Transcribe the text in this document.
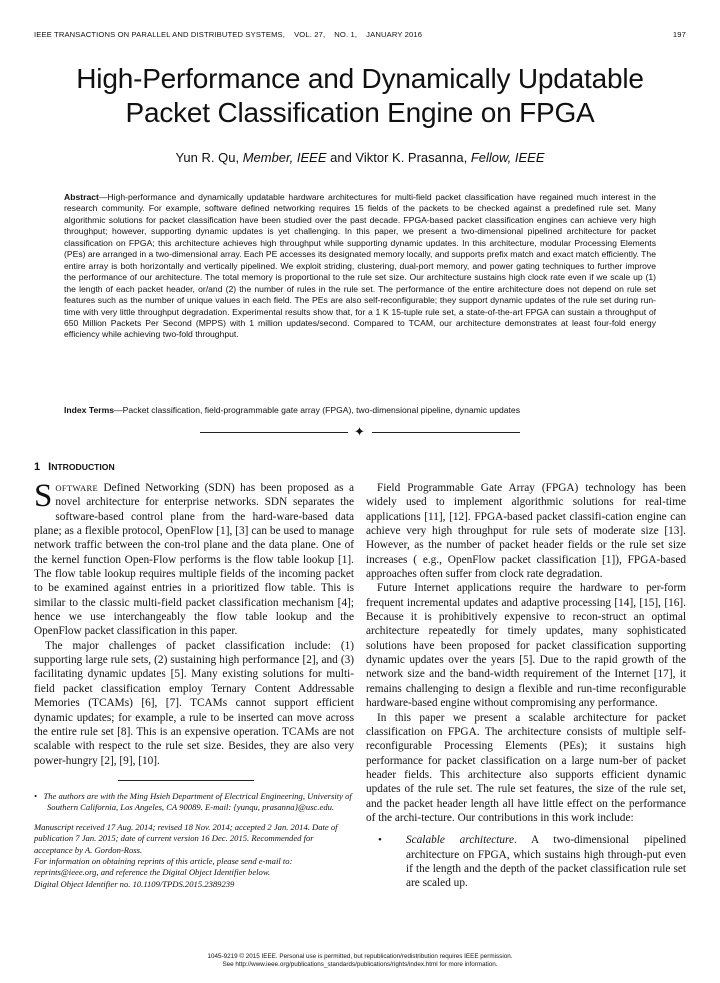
IEEE TRANSACTIONS ON PARALLEL AND DISTRIBUTED SYSTEMS, VOL. 27, NO. 1, JANUARY 2016	197
High-Performance and Dynamically Updatable
Packet Classification Engine on FPGA
Yun R. Qu, Member, IEEE and Viktor K. Prasanna, Fellow, IEEE
Abstract—High-performance and dynamically updatable hardware architectures for multi-field packet classification have regained much interest in the research community. For example, software defined networking requires 15 fields of the packets to be checked against a predefined rule set. Many algorithmic solutions for packet classification have been studied over the past decade. FPGA-based packet classification engines can achieve very high throughput; however, supporting dynamic updates is yet challenging. In this paper, we present a two-dimensional pipelined architecture for packet classification on FPGA; this architecture achieves high throughput while supporting dynamic updates. In this architecture, modular Processing Elements (PEs) are arranged in a two-dimensional array. Each PE accesses its designated memory locally, and supports prefix match and exact match efficiently. The entire array is both horizontally and vertically pipelined. We exploit striding, clustering, dual-port memory, and power gating techniques to further improve the performance of our architecture. The total memory is proportional to the rule set size. Our architecture sustains high clock rate even if we scale up (1) the length of each packet header, or/and (2) the number of rules in the rule set. The performance of the entire architecture does not depend on rule set features such as the number of unique values in each field. The PEs are also self-reconfigurable; they support dynamic updates of the rule set during run-time with very little throughput degradation. Experimental results show that, for a 1 K 15-tuple rule set, a state-of-the-art FPGA can sustain a throughput of 650 Million Packets Per Second (MPPS) with 1 million updates/second. Compared to TCAM, our architecture demonstrates at least four-fold energy efficiency while achieving two-fold throughput.
Index Terms—Packet classification, field-programmable gate array (FPGA), two-dimensional pipeline, dynamic updates
✦
1 INTRODUCTION

SOFTWARE Defined Networking (SDN) has been proposed as a novel architecture for enterprise networks. SDN separates the software-based control plane from the hard-ware-based data plane; as a flexible protocol, OpenFlow [1], [3] can be used to manage network traffic between the con-trol plane and the data plane. One of the kernel function Open-Flow performs is the flow table lookup [1]. The flow table lookup requires multiple fields of the incoming packet to be examined against entries in a prioritized flow table. This is similar to the classic multi-field packet classification mechanism [4]; hence we use interchangeably the flow table lookup and the OpenFlow packet classification in this paper.

The major challenges of packet classification include: (1) supporting large rule sets, (2) sustaining high performance [2], and (3) facilitating dynamic updates [5]. Many existing solutions for multi-field packet classification employ Ternary Content Addressable Memories (TCAMs) [6], [7]. TCAMs cannot support efficient dynamic updates; for example, a rule to be inserted can move across the entire rule set [8]. This is an expensive operation. TCAMs are not scalable with respect to the rule set size. Besides, they are also very power-hungry [2], [9], [10].

• The authors are with the Ming Hsieh Department of Electrical Engineering, University of Southern California, Los Angeles, CA 90089. E-mail: {yunqu, prasanna}@usc.edu.

Manuscript received 17 Aug. 2014; revised 18 Nov. 2014; accepted 2 Jan. 2014. Date of publication 7 Jan. 2015; date of current version 16 Dec. 2015. Recommended for acceptance by A. Gordon-Ross.

For information on obtaining reprints of this article, please send e-mail to: reprints@ieee.org, and reference the Digital Object Identifier below.

Digital Object Identifier no. 10.1109/TPDS.2015.2389239

Field Programmable Gate Array (FPGA) technology has been widely used to implement algorithmic solutions for real-time applications [11], [12]. FPGA-based packet classifi-cation engine can achieve very high throughput for rule sets of moderate size [13]. However, as the number of packet header fields or the rule set size increases ( e.g., OpenFlow packet classification [1]), FPGA-based approaches often suffer from clock rate degradation.

Future Internet applications require the hardware to per-form frequent incremental updates and adaptive processing [14], [15], [16]. Because it is prohibitively expensive to recon-struct an optimal architecture repeatedly for timely updates, many sophisticated solutions have been proposed for packet classification supporting dynamic updates over the years [5]. Due to the rapid growth of the network size and the band-width requirement of the Internet [17], it remains challenging to design a flexible and run-time reconfigurable hardware-based engine without compromising any performance.

In this paper we present a scalable architecture for packet classification on FPGA. The architecture consists of multiple self-reconfigurable Processing Elements (PEs); it sustains high performance for packet classification on a large num-ber of packet header fields. This architecture also supports efficient dynamic updates of the rule set. The rule set features, the size of the rule set, and the packet header length all have little effect on the performance of the archi-tecture. Our contributions in this work include:

• Scalable architecture. A two-dimensional pipelined architecture on FPGA, which sustains high through-put even if the length and the depth of the packet classification rule set are scaled up.

1045-9219 © 2015 IEEE. Personal use is permitted, but republication/redistribution requires IEEE permission.
See http://www.ieee.org/publications_standards/publications/rights/index.html for more information.
